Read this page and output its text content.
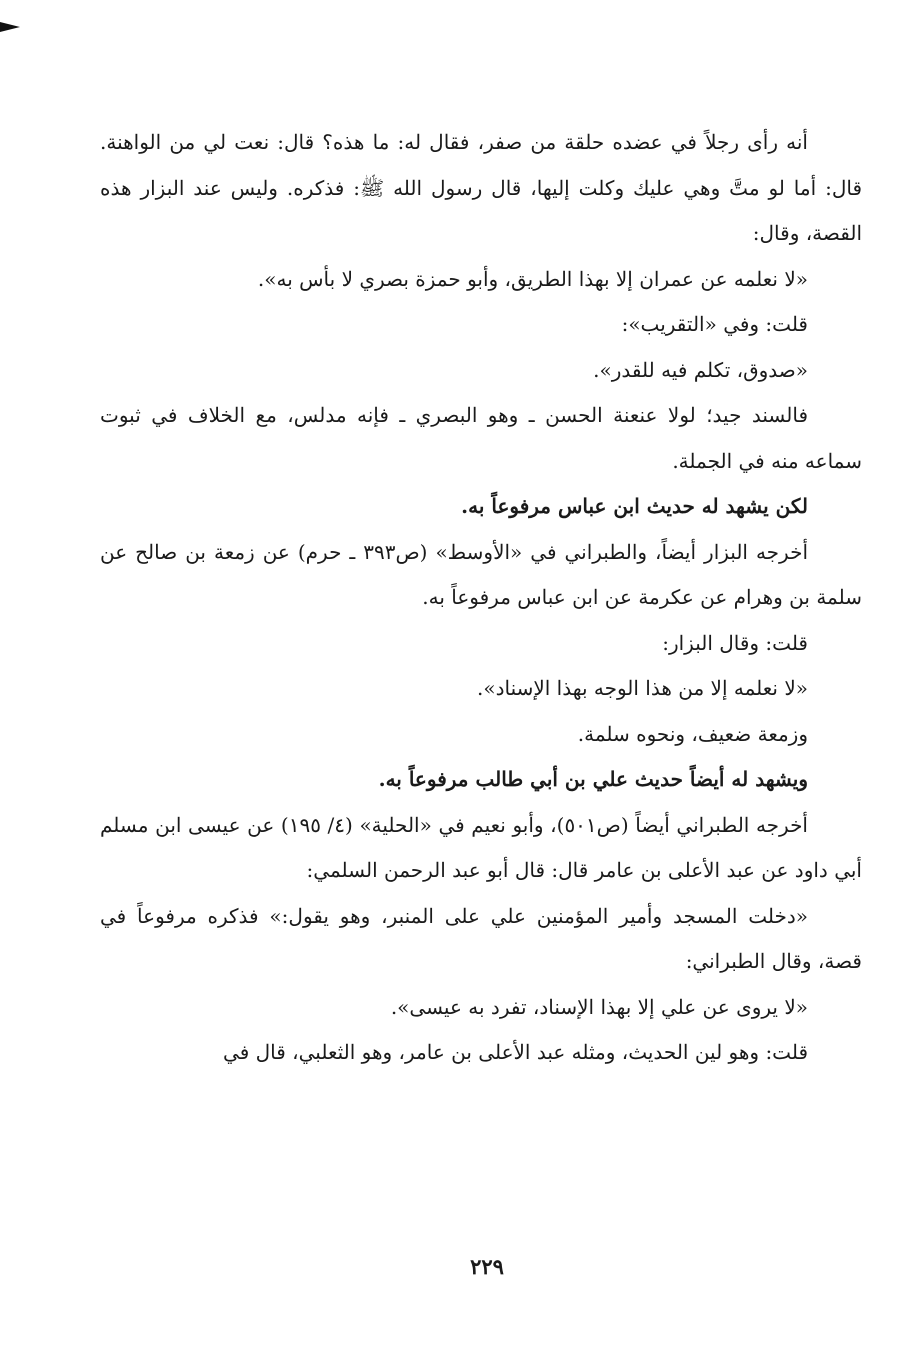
أنه رأى رجلاً في عضده حلقة من صفر، فقال له: ما هذه؟ قال: نعت لي من الواهنة. قال: أما لو متَّ وهي عليك وكلت إليها، قال رسول الله ﷺ: فذكره. وليس عند البزار هذه القصة، وقال:

«لا نعلمه عن عمران إلا بهذا الطريق، وأبو حمزة بصري لا بأس به».

قلت: وفي «التقريب»:

«صدوق، تكلم فيه للقدر».

فالسند جيد؛ لولا عنعنة الحسن ـ وهو البصري ـ فإنه مدلس، مع الخلاف في ثبوت سماعه منه في الجملة.

لكن يشهد له حديث ابن عباس مرفوعاً به.

أخرجه البزار أيضاً، والطبراني في «الأوسط» (ص٣٩٣ ـ حرم) عن زمعة بن صالح عن سلمة بن وهرام عن عكرمة عن ابن عباس مرفوعاً به.

قلت: وقال البزار:

«لا نعلمه إلا من هذا الوجه بهذا الإسناد».

وزمعة ضعيف، ونحوه سلمة.

ويشهد له أيضاً حديث علي بن أبي طالب مرفوعاً به.

أخرجه الطبراني أيضاً (ص٥٠١)، وأبو نعيم في «الحلية» (٤/ ١٩٥) عن عيسى ابن مسلم أبي داود عن عبد الأعلى بن عامر قال: قال أبو عبد الرحمن السلمي:

«دخلت المسجد وأمير المؤمنين علي على المنبر، وهو يقول:» فذكره مرفوعاً في قصة، وقال الطبراني:

«لا يروى عن علي إلا بهذا الإسناد، تفرد به عيسى».

قلت: وهو لين الحديث، ومثله عبد الأعلى بن عامر، وهو الثعلبي، قال في

٢٢٩
